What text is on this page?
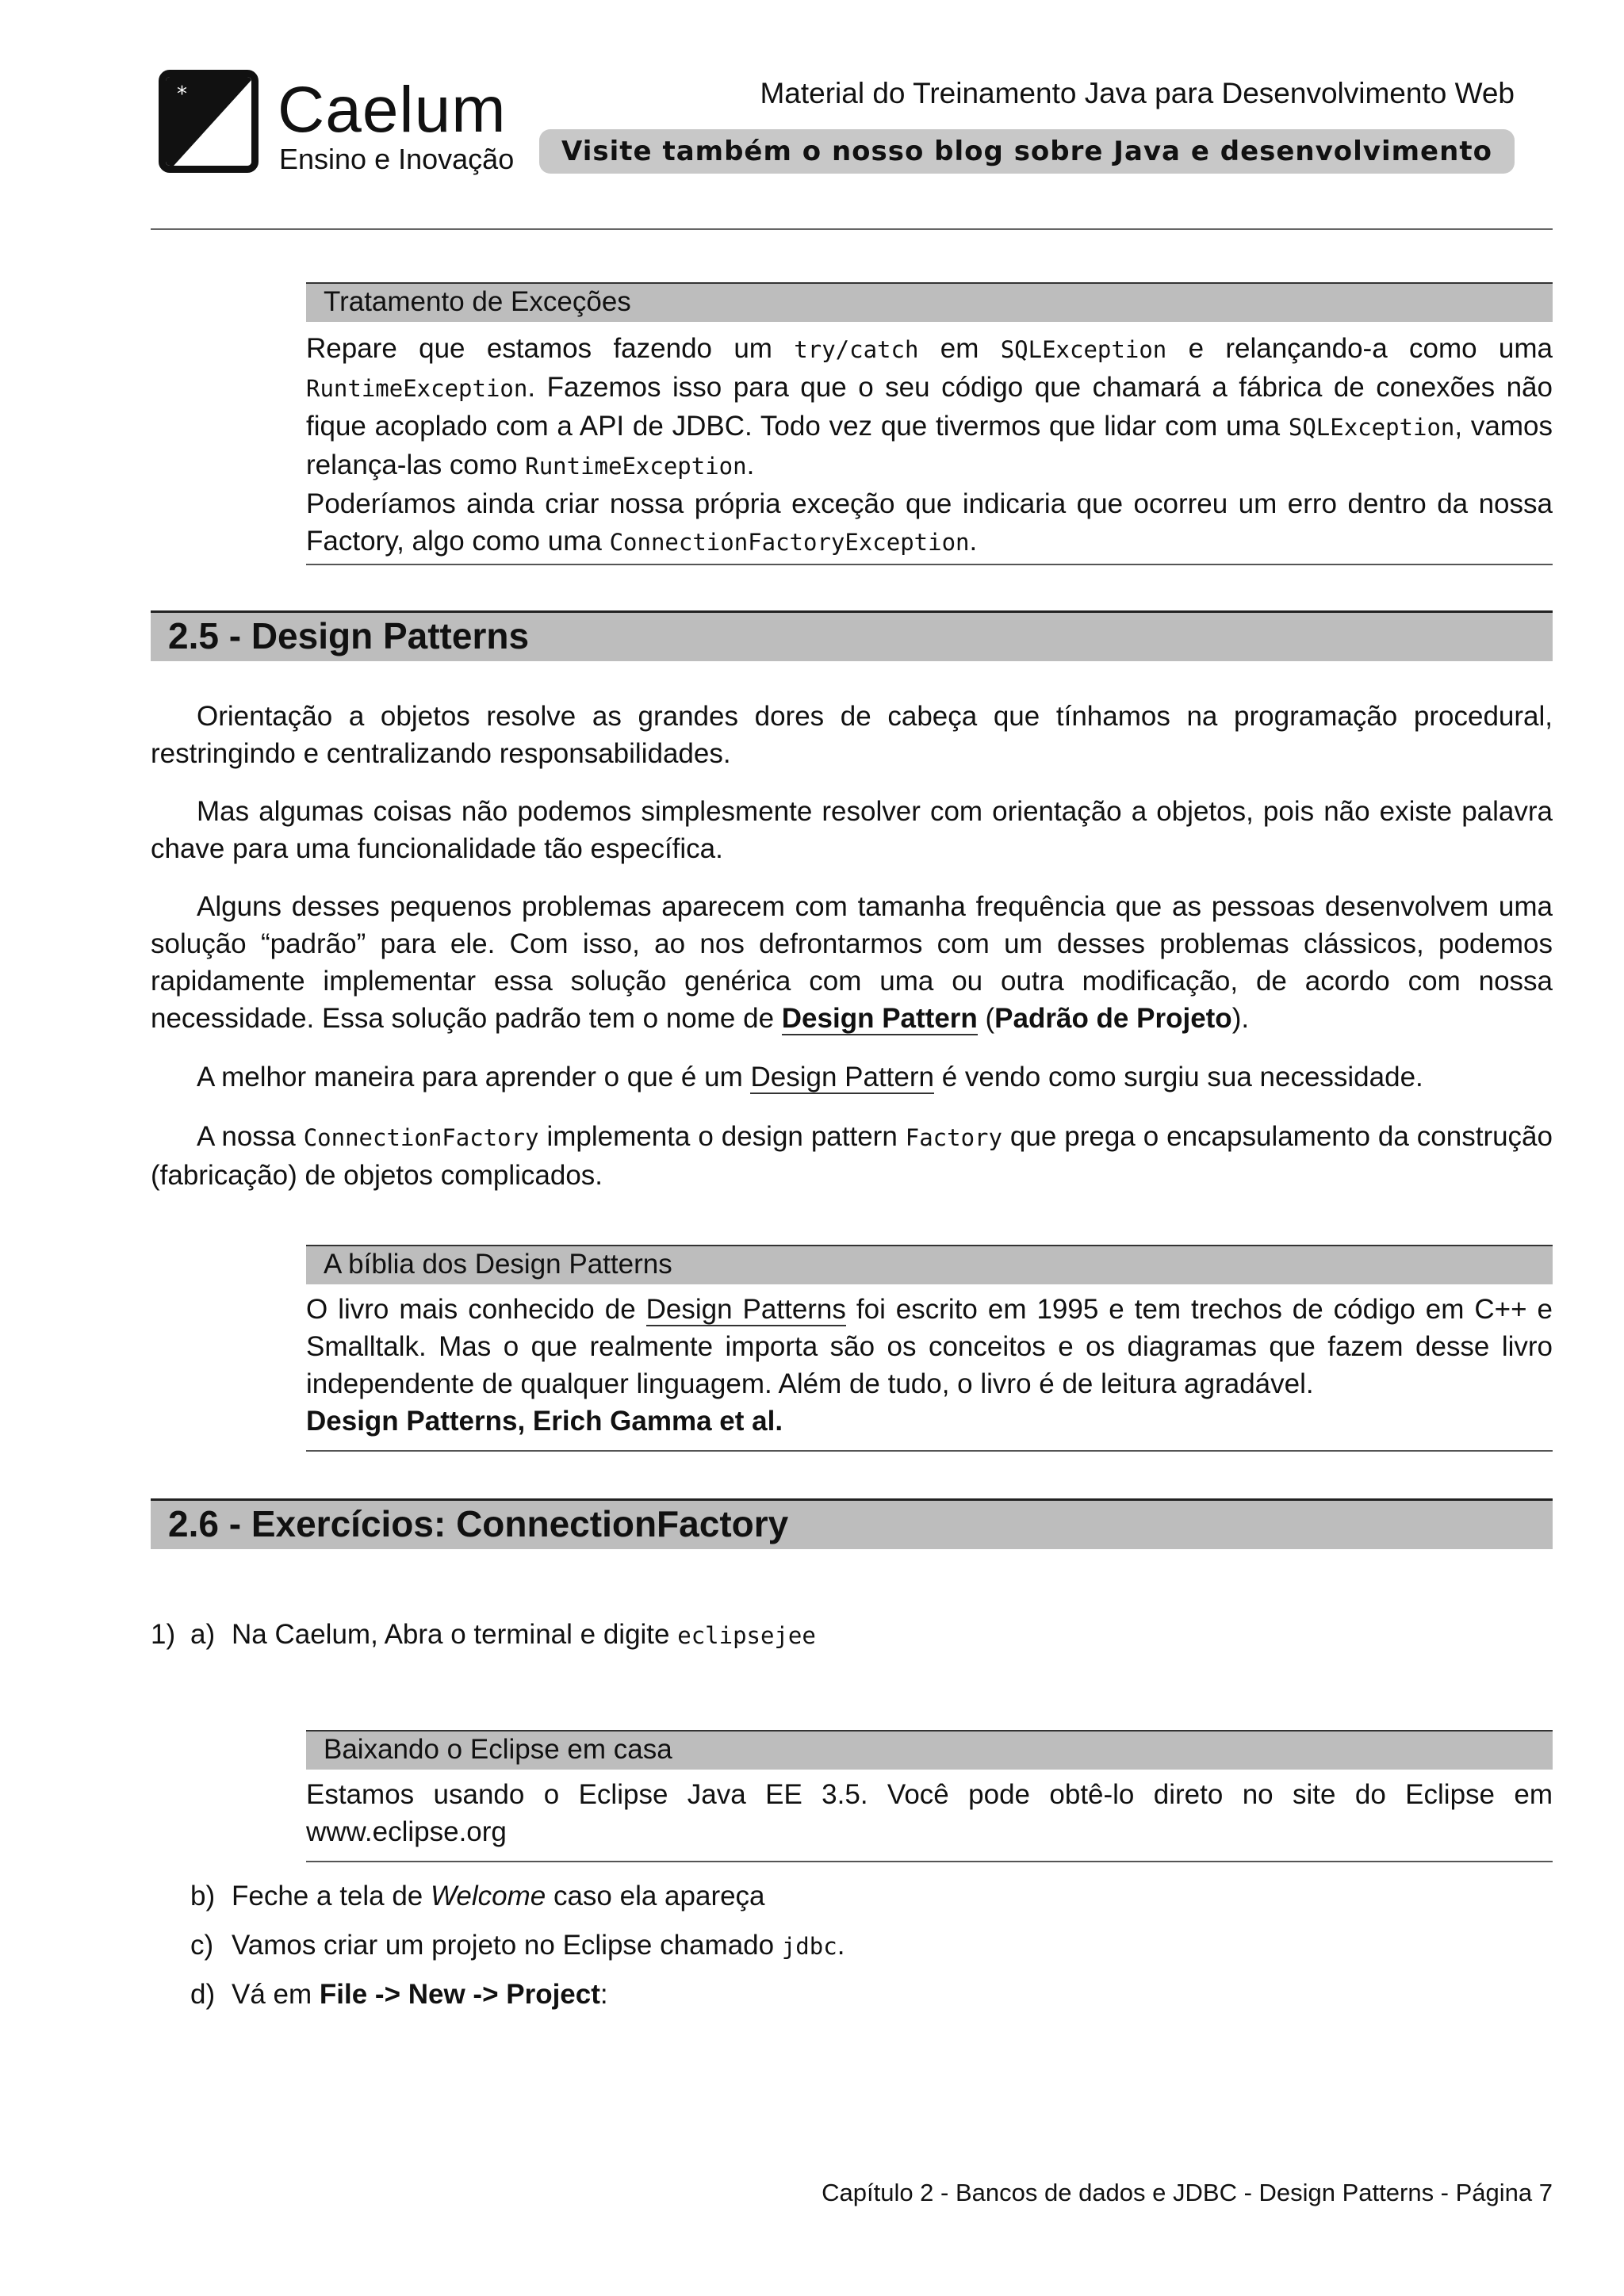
* Caelum
Ensino e Inovação
Material do Treinamento Java para Desenvolvimento Web
Visite também o nosso blog sobre Java e desenvolvimento
Tratamento de Exceções
Repare que estamos fazendo um try/catch em SQLException e relançando-a como uma RuntimeException. Fazemos isso para que o seu código que chamará a fábrica de conexões não fique acoplado com a API de JDBC. Todo vez que tivermos que lidar com uma SQLException, vamos relança-las como RuntimeException.
Poderíamos ainda criar nossa própria exceção que indicaria que ocorreu um erro dentro da nossa Factory, algo como uma ConnectionFactoryException.
2.5 - Design Patterns
Orientação a objetos resolve as grandes dores de cabeça que tínhamos na programação procedural, restringindo e centralizando responsabilidades.
Mas algumas coisas não podemos simplesmente resolver com orientação a objetos, pois não existe palavra chave para uma funcionalidade tão específica.
Alguns desses pequenos problemas aparecem com tamanha frequência que as pessoas desenvolvem uma solução “padrão” para ele. Com isso, ao nos defrontarmos com um desses problemas clássicos, podemos rapidamente implementar essa solução genérica com uma ou outra modificação, de acordo com nossa necessidade. Essa solução padrão tem o nome de Design Pattern (Padrão de Projeto).
A melhor maneira para aprender o que é um Design Pattern é vendo como surgiu sua necessidade.
A nossa ConnectionFactory implementa o design pattern Factory que prega o encapsulamento da construção (fabricação) de objetos complicados.
A bíblia dos Design Patterns
O livro mais conhecido de Design Patterns foi escrito em 1995 e tem trechos de código em C++ e Smalltalk. Mas o que realmente importa são os conceitos e os diagramas que fazem desse livro independente de qualquer linguagem. Além de tudo, o livro é de leitura agradável.
Design Patterns, Erich Gamma et al.
2.6 - Exercícios: ConnectionFactory
1) a) Na Caelum, Abra o terminal e digite eclipsejee
Baixando o Eclipse em casa
Estamos usando o Eclipse Java EE 3.5. Você pode obtê-lo direto no site do Eclipse em www.eclipse.org
b) Feche a tela de Welcome caso ela apareça
c) Vamos criar um projeto no Eclipse chamado jdbc.
d) Vá em File -> New -> Project:
Capítulo 2 - Bancos de dados e JDBC - Design Patterns - Página 7
